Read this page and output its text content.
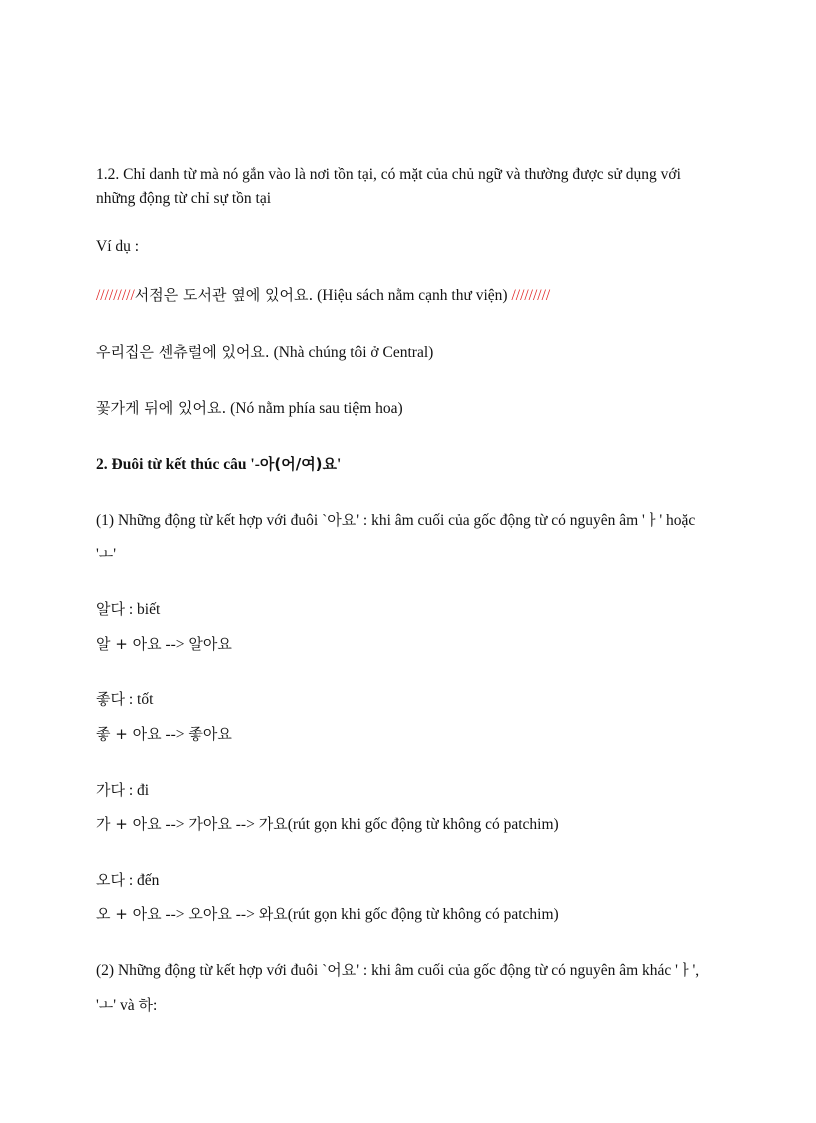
1.2. Chỉ danh từ mà nó gắn vào là nơi tồn tại, có mặt của chủ ngữ và thường được sử dụng với
những động từ chỉ sự tồn tại
Ví dụ :
/////////서점은 도서관 옆에 있어요. (Hiệu sách nằm cạnh thư viện) /////////
우리집은 센츄럴에 있어요. (Nhà chúng tôi ở Central)
꽃가게 뒤에 있어요. (Nó nằm phía sau tiệm hoa)
2. Đuôi từ kết thúc câu '-아(어/여)요'
(1) Những động từ kết hợp với đuôi `아요' : khi âm cuối của gốc động từ có nguyên âm 'ㅏ' hoặc
'ㅗ'
알다 : biết
알 + 아요 --> 알아요
좋다 : tốt
좋 + 아요 --> 좋아요
가다 : đi
가 + 아요 --> 가아요 --> 가요(rút gọn khi gốc động từ không có patchim)
오다 : đến
오 + 아요 --> 오아요 --> 와요(rút gọn khi gốc động từ không có patchim)
(2) Những động từ kết hợp với đuôi `어요' : khi âm cuối của gốc động từ có nguyên âm khác 'ㅏ',
'ㅗ' và 하:
